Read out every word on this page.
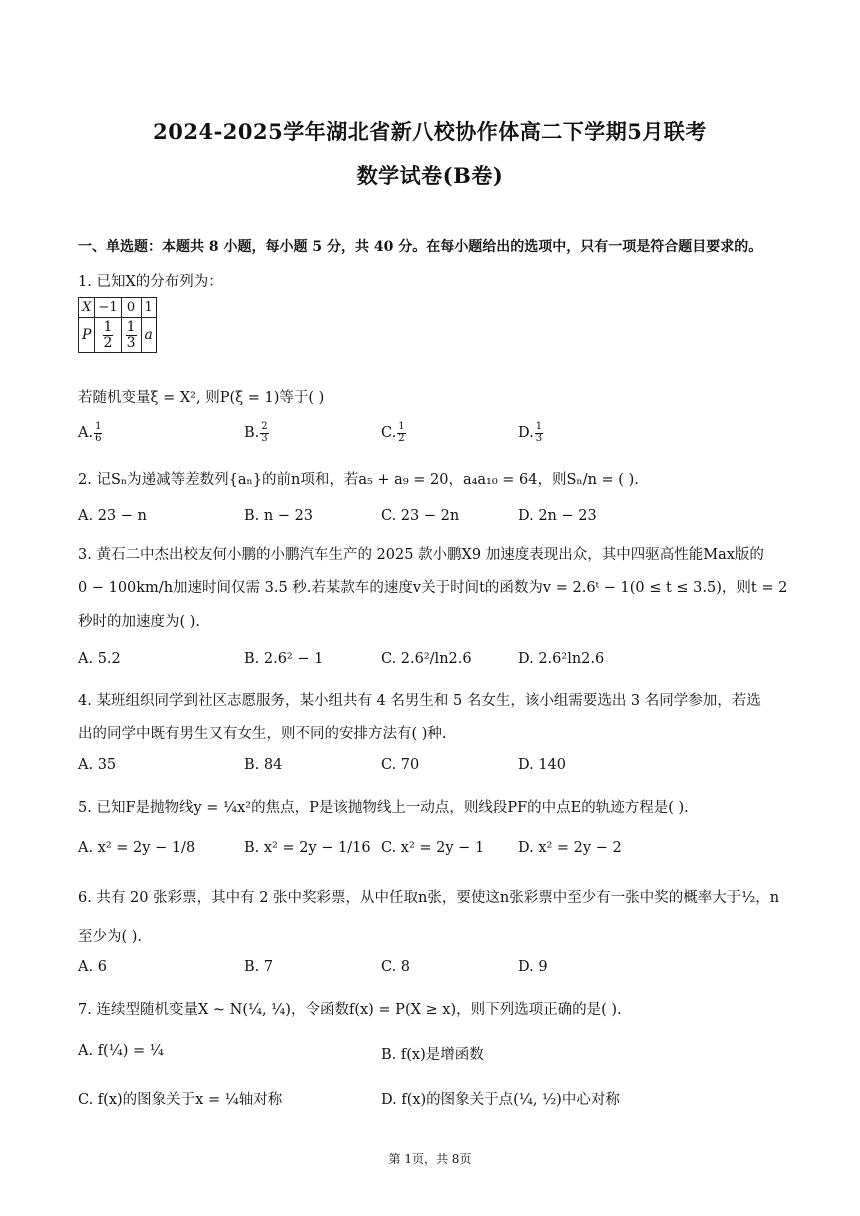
2024-2025学年湖北省新八校协作体高二下学期5月联考
数学试卷(B卷)
一、单选题：本题共 8 小题，每小题 5 分，共 40 分。在每小题给出的选项中，只有一项是符合题目要求的。
1. 已知X的分布列为：
X	−1	0	1
P	$\frac{1}{2}$	$\frac{1}{3}$	a
若随机变量ξ = X², 则P(ξ = 1)等于( )
A. $\frac{1}{6}$	B. $\frac{2}{3}$	C. $\frac{1}{2}$	D. $\frac{1}{3}$
2. 记Sₙ为递减等差数列{aₙ}的前n项和，若a₅ + a₉ = 20，a₄a₁₀ = 64，则Sₙ/n = ( ).
A. 23 − n	B. n − 23	C. 23 − 2n	D. 2n − 23
3. 黄石二中杰出校友何小鹏的小鹏汽车生产的 2025 款小鹏X9 加速度表现出众，其中四驱高性能Max版的
0 − 100km/h加速时间仅需 3.5 秒.若某款车的速度v关于时间t的函数为v = 2.6ᵗ − 1(0 ≤ t ≤ 3.5)，则t = 2
秒时的加速度为( ).
A. 5.2	B. 2.6² − 1	C. 2.6²/ln2.6	D. 2.6²ln2.6
4. 某班组织同学到社区志愿服务，某小组共有 4 名男生和 5 名女生，该小组需要选出 3 名同学参加，若选
出的同学中既有男生又有女生，则不同的安排方法有( )种.
A. 35	B. 84	C. 70	D. 140
5. 已知F是抛物线y = ¼x²的焦点，P是该抛物线上一动点，则线段PF的中点E的轨迹方程是( ).
A. x² = 2y − 1/8	B. x² = 2y − 1/16 C. x² = 2y − 1 D. x² = 2y − 2
6. 共有 20 张彩票，其中有 2 张中奖彩票，从中任取n张，要使这n张彩票中至少有一张中奖的概率大于½，n
至少为( ).
A. 6	B. 7	C. 8	D. 9
7. 连续型随机变量X ~ N(¼, ¼)，令函数f(x) = P(X ≥ x)，则下列选项正确的是( ).
A. f(¼) = ¼	B. f(x)是增函数
C. f(x)的图象关于x = ¼轴对称	D. f(x)的图象关于点(¼, ½)中心对称
第 1页，共 8页
